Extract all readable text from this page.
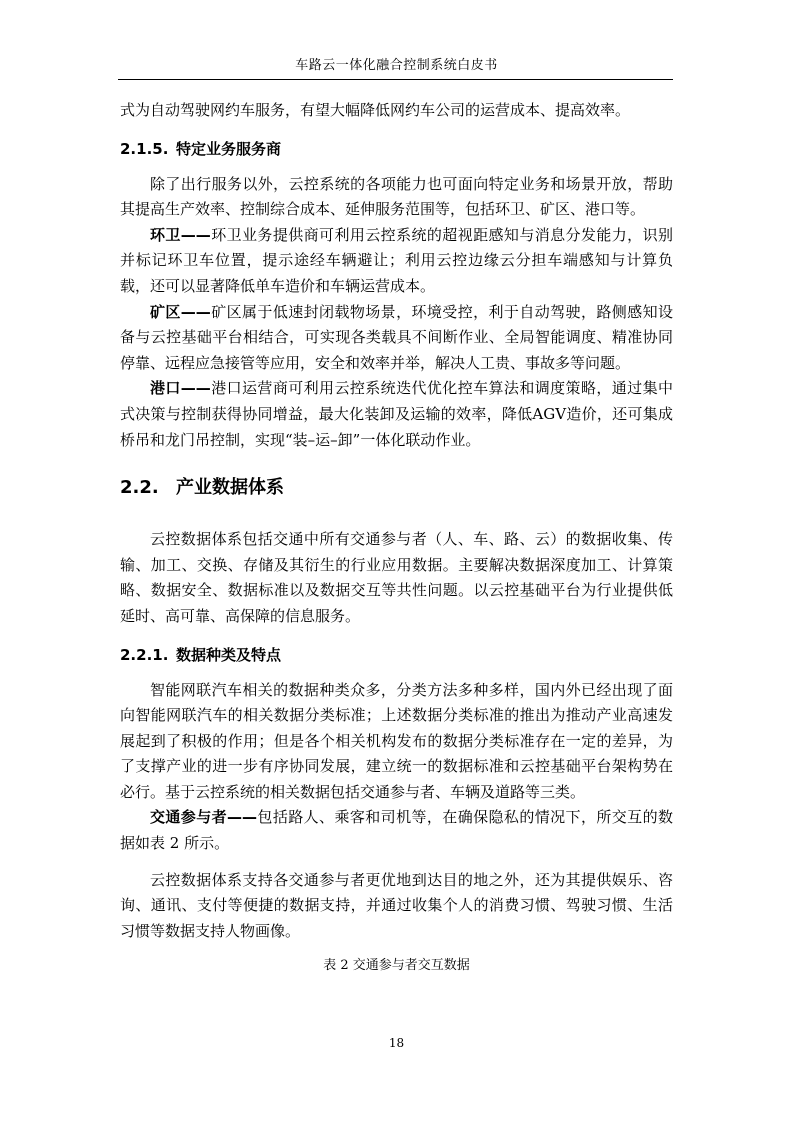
车路云一体化融合控制系统白皮书

式为自动驾驶网约车服务，有望大幅降低网约车公司的运营成本、提高效率。

2.1.5. 特定业务服务商

除了出行服务以外，云控系统的各项能力也可面向特定业务和场景开放，帮助其提高生产效率、控制综合成本、延伸服务范围等，包括环卫、矿区、港口等。

环卫——环卫业务提供商可利用云控系统的超视距感知与消息分发能力，识别并标记环卫车位置，提示途经车辆避让；利用云控边缘云分担车端感知与计算负载，还可以显著降低单车造价和车辆运营成本。

矿区——矿区属于低速封闭载物场景，环境受控，利于自动驾驶，路侧感知设备与云控基础平台相结合，可实现各类载具不间断作业、全局智能调度、精准协同停靠、远程应急接管等应用，安全和效率并举，解决人工贵、事故多等问题。

港口——港口运营商可利用云控系统迭代优化控车算法和调度策略，通过集中式决策与控制获得协同增益，最大化装卸及运输的效率，降低AGV造价，还可集成桥吊和龙门吊控制，实现“装–运–卸”一体化联动作业。

2.2. 产业数据体系

云控数据体系包括交通中所有交通参与者（人、车、路、云）的数据收集、传输、加工、交换、存储及其衍生的行业应用数据。主要解决数据深度加工、计算策略、数据安全、数据标准以及数据交互等共性问题。以云控基础平台为行业提供低延时、高可靠、高保障的信息服务。

2.2.1. 数据种类及特点

智能网联汽车相关的数据种类众多，分类方法多种多样，国内外已经出现了面向智能网联汽车的相关数据分类标准；上述数据分类标准的推出为推动产业高速发展起到了积极的作用；但是各个相关机构发布的数据分类标准存在一定的差异，为了支撑产业的进一步有序协同发展，建立统一的数据标准和云控基础平台架构势在必行。基于云控系统的相关数据包括交通参与者、车辆及道路等三类。

交通参与者——包括路人、乘客和司机等，在确保隐私的情况下，所交互的数据如表 2 所示。

云控数据体系支持各交通参与者更优地到达目的地之外，还为其提供娱乐、咨询、通讯、支付等便捷的数据支持，并通过收集个人的消费习惯、驾驶习惯、生活习惯等数据支持人物画像。

表 2 交通参与者交互数据
18
